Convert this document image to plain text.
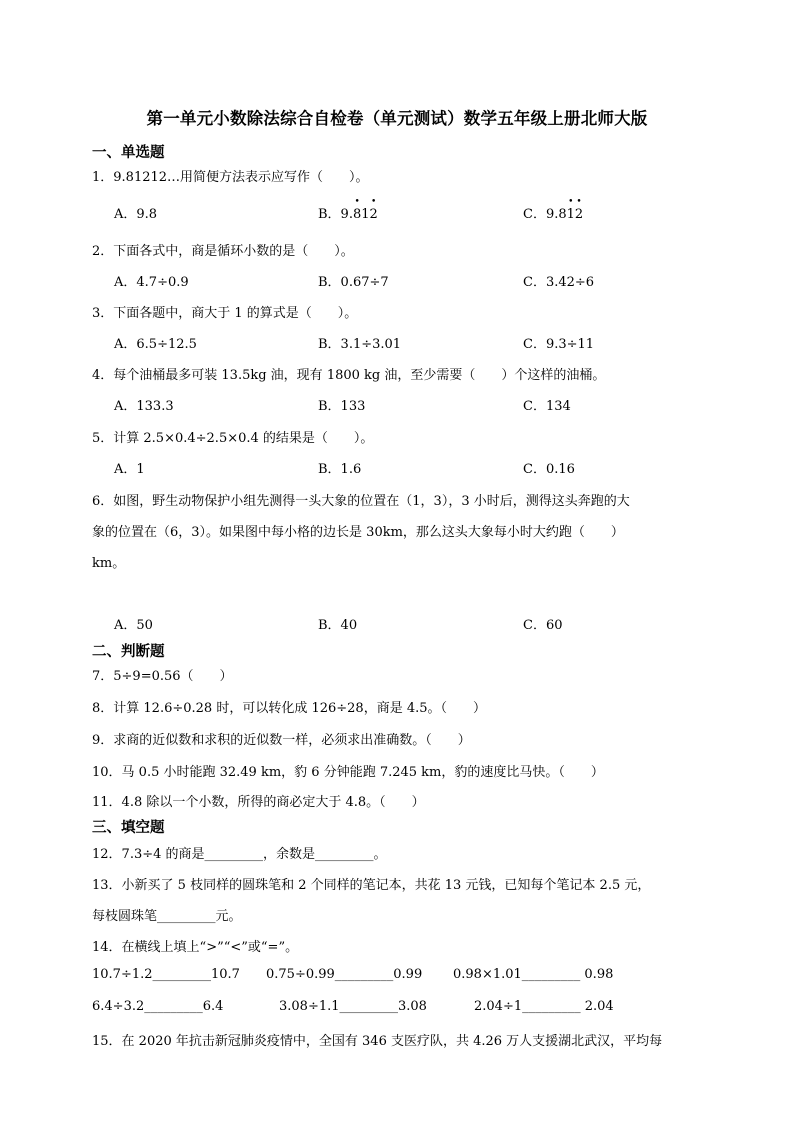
第一单元小数除法综合自检卷（单元测试）数学五年级上册北师大版
一、单选题
1．9.81212…用简便方法表示应写作（　　）。
A．9.8	B．9.• 81• 2	C．9.8• 1• 2
2．下面各式中，商是循环小数的是（　　）。
A．4.7÷0.9	B．0.67÷7	C．3.42÷6
3．下面各题中，商大于 1 的算式是（　　）。
A．6.5÷12.5	B．3.1÷3.01	C．9.3÷11
4．每个油桶最多可装 13.5kg 油，现有 1800 kg 油，至少需要（　　）个这样的油桶。
A．133.3	B．133	C．134
5．计算 2.5×0.4÷2.5×0.4 的结果是（　　）。
A．1	B．1.6	C．0.16
6．如图，野生动物保护小组先测得一头大象的位置在（1，3），3 小时后，测得这头奔跑的大
象的位置在（6，3）。如果图中每小格的边长是 30km，那么这头大象每小时大约跑（　　）
km。
A．50	B．40	C．60
二、判断题
7．5÷9=0.56（　　）
8．计算 12.6÷0.28 时，可以转化成 126÷28，商是 4.5。（　　）
9．求商的近似数和求积的近似数一样，必须求出准确数。（　　）
10．马 0.5 小时能跑 32.49 km，豹 6 分钟能跑 7.245 km，豹的速度比马快。（　　）
11．4.8 除以一个小数，所得的商必定大于 4.8。（　　）
三、填空题
12．7.3÷4 的商是_________，余数是_________。
13．小新买了 5 枝同样的圆珠笔和 2 个同样的笔记本，共花 13 元钱，已知每个笔记本 2.5 元，
每枝圆珠笔_________元。
14．在横线上填上“>”“<”或“=”。
10.7÷1.2_________10.7 0.75÷0.99_________0.99 0.98×1.01_________ 0.98
6.4÷3.2_________6.4	3.08÷1.1_________3.08	2.04÷1_________ 2.04
15．在 2020 年抗击新冠肺炎疫情中，全国有 346 支医疗队，共 4.26 万人支援湖北武汉，平均每
